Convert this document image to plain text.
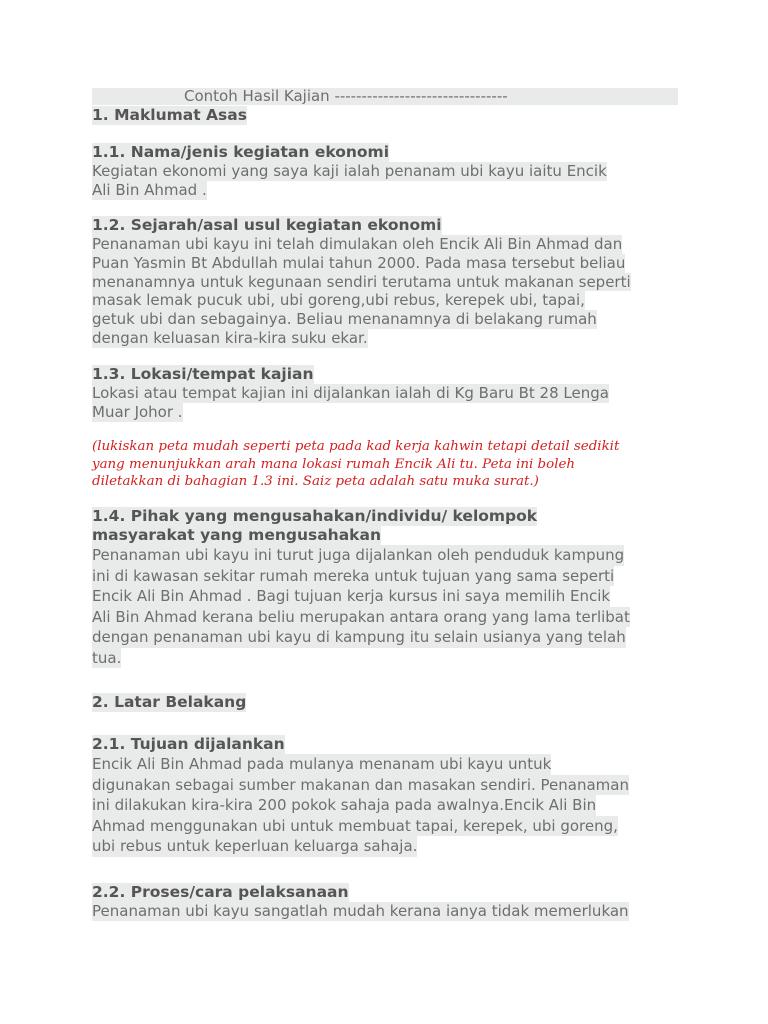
Contoh Hasil Kajian --------------------------------
1. Maklumat Asas
1.1. Nama/jenis kegiatan ekonomi
Kegiatan ekonomi yang saya kaji ialah penanam ubi kayu iaitu Encik
Ali Bin Ahmad .
1.2. Sejarah/asal usul kegiatan ekonomi
Penanaman ubi kayu ini telah dimulakan oleh Encik Ali Bin Ahmad dan
Puan Yasmin Bt Abdullah mulai tahun 2000. Pada masa tersebut beliau
menanamnya untuk kegunaan sendiri terutama untuk makanan seperti
masak lemak pucuk ubi, ubi goreng,ubi rebus, kerepek ubi, tapai,
getuk ubi dan sebagainya. Beliau menanamnya di belakang rumah
dengan keluasan kira-kira suku ekar.
1.3. Lokasi/tempat kajian
Lokasi atau tempat kajian ini dijalankan ialah di Kg Baru Bt 28 Lenga
Muar Johor .
(lukiskan peta mudah seperti peta pada kad kerja kahwin tetapi detail sedikit
yang menunjukkan arah mana lokasi rumah Encik Ali tu. Peta ini boleh
diletakkan di bahagian 1.3 ini. Saiz peta adalah satu muka surat.)
1.4. Pihak yang mengusahakan/individu/ kelompok
masyarakat yang mengusahakan
Penanaman ubi kayu ini turut juga dijalankan oleh penduduk kampung
ini di kawasan sekitar rumah mereka untuk tujuan yang sama seperti
Encik Ali Bin Ahmad . Bagi tujuan kerja kursus ini saya memilih Encik
Ali Bin Ahmad kerana beliu merupakan antara orang yang lama terlibat
dengan penanaman ubi kayu di kampung itu selain usianya yang telah
tua.
2. Latar Belakang
2.1. Tujuan dijalankan
Encik Ali Bin Ahmad pada mulanya menanam ubi kayu untuk
digunakan sebagai sumber makanan dan masakan sendiri. Penanaman
ini dilakukan kira-kira 200 pokok sahaja pada awalnya.Encik Ali Bin
Ahmad menggunakan ubi untuk membuat tapai, kerepek, ubi goreng,
ubi rebus untuk keperluan keluarga sahaja.
2.2. Proses/cara pelaksanaan
Penanaman ubi kayu sangatlah mudah kerana ianya tidak memerlukan
